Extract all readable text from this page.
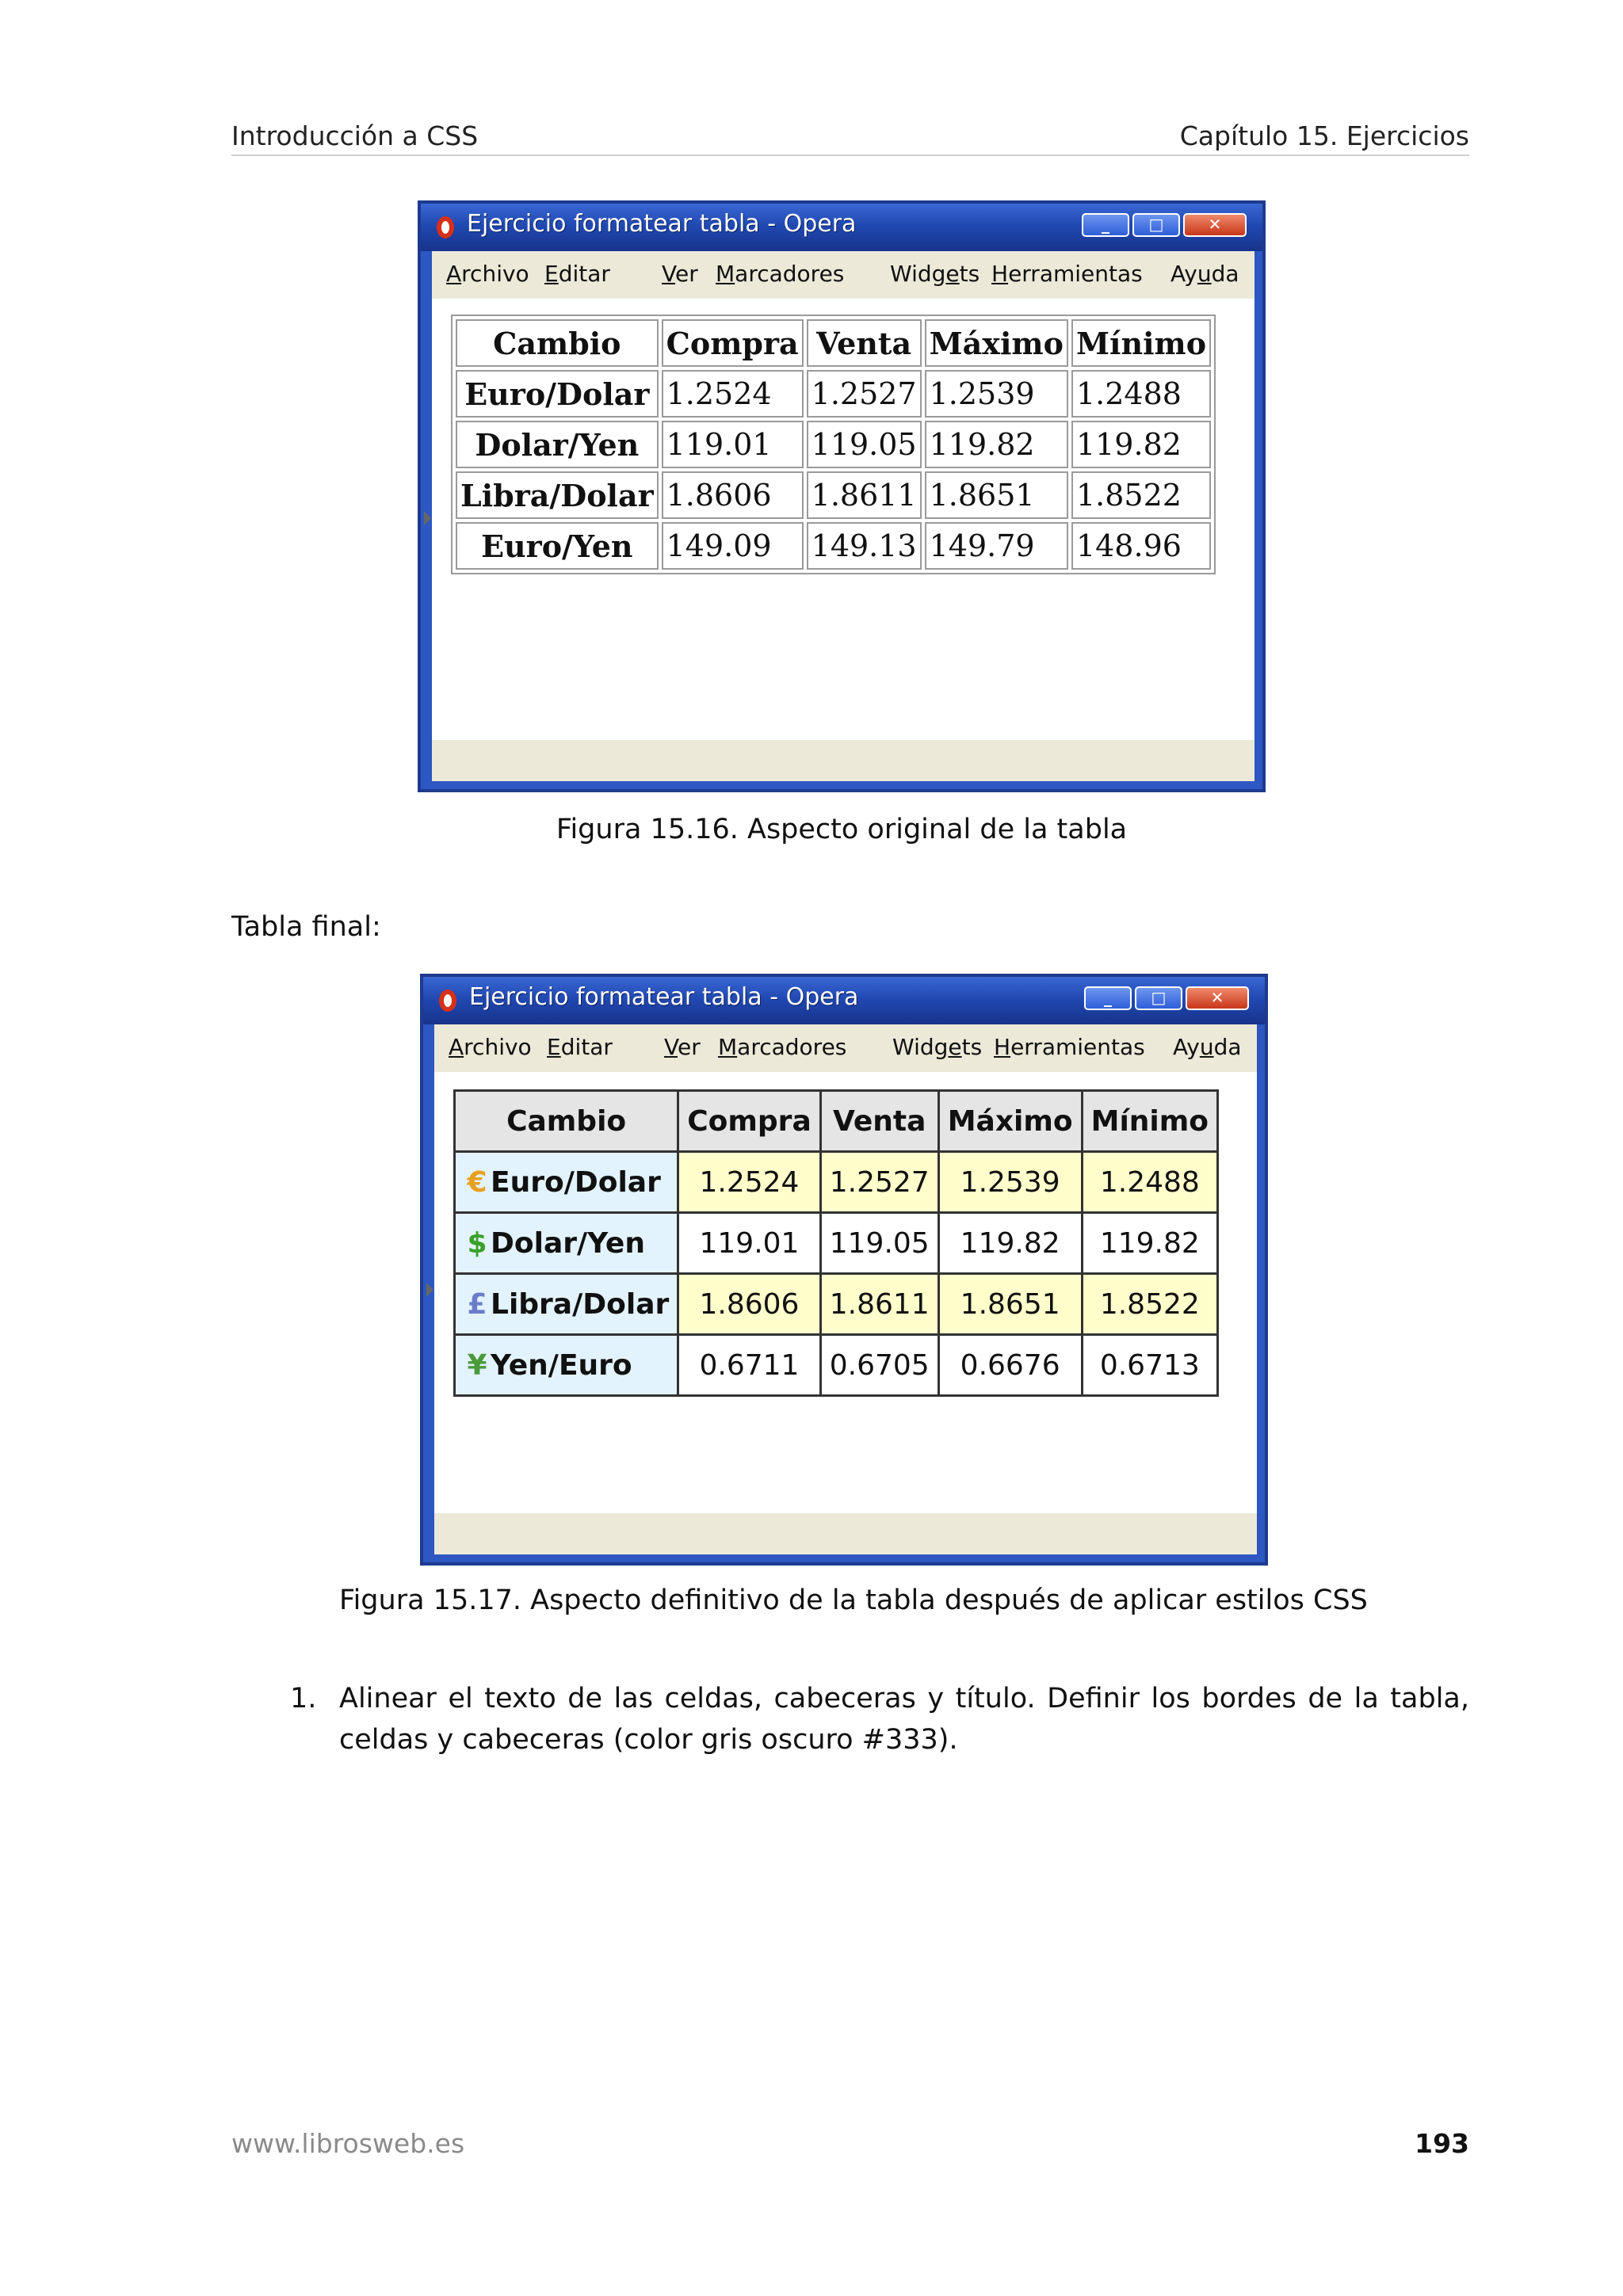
Introducción a CSS	Capítulo 15. Ejercicios
Ejercicio formatear tabla - Opera	_	□	✕
Archivo Editar Ver Marcadores Widgets Herramientas Ayuda
Cambio	Compra	Venta	Máximo	Mínimo
Euro/Dolar	1.2524	1.2527	1.2539	1.2488
Dolar/Yen	119.01	119.05	119.82	119.82
Libra/Dolar	1.8606	1.8611	1.8651	1.8522
Euro/Yen	149.09	149.13	149.79	148.96
Figura 15.16. Aspecto original de la tabla
Tabla final:
Ejercicio formatear tabla - Opera	_	□	✕
Archivo Editar Ver Marcadores Widgets Herramientas Ayuda
Cambio	Compra	Venta	Máximo	Mínimo
€ Euro/Dolar	1.2524	1.2527	1.2539	1.2488
$ Dolar/Yen	119.01	119.05	119.82	119.82
£ Libra/Dolar	1.8606	1.8611	1.8651	1.8522
¥ Yen/Euro	0.6711	0.6705	0.6676	0.6713
Figura 15.17. Aspecto definitivo de la tabla después de aplicar estilos CSS
1. Alinear el texto de las celdas, cabeceras y título. Definir los bordes de la tabla, celdas y cabeceras (color gris oscuro #333).
www.librosweb.es	193
